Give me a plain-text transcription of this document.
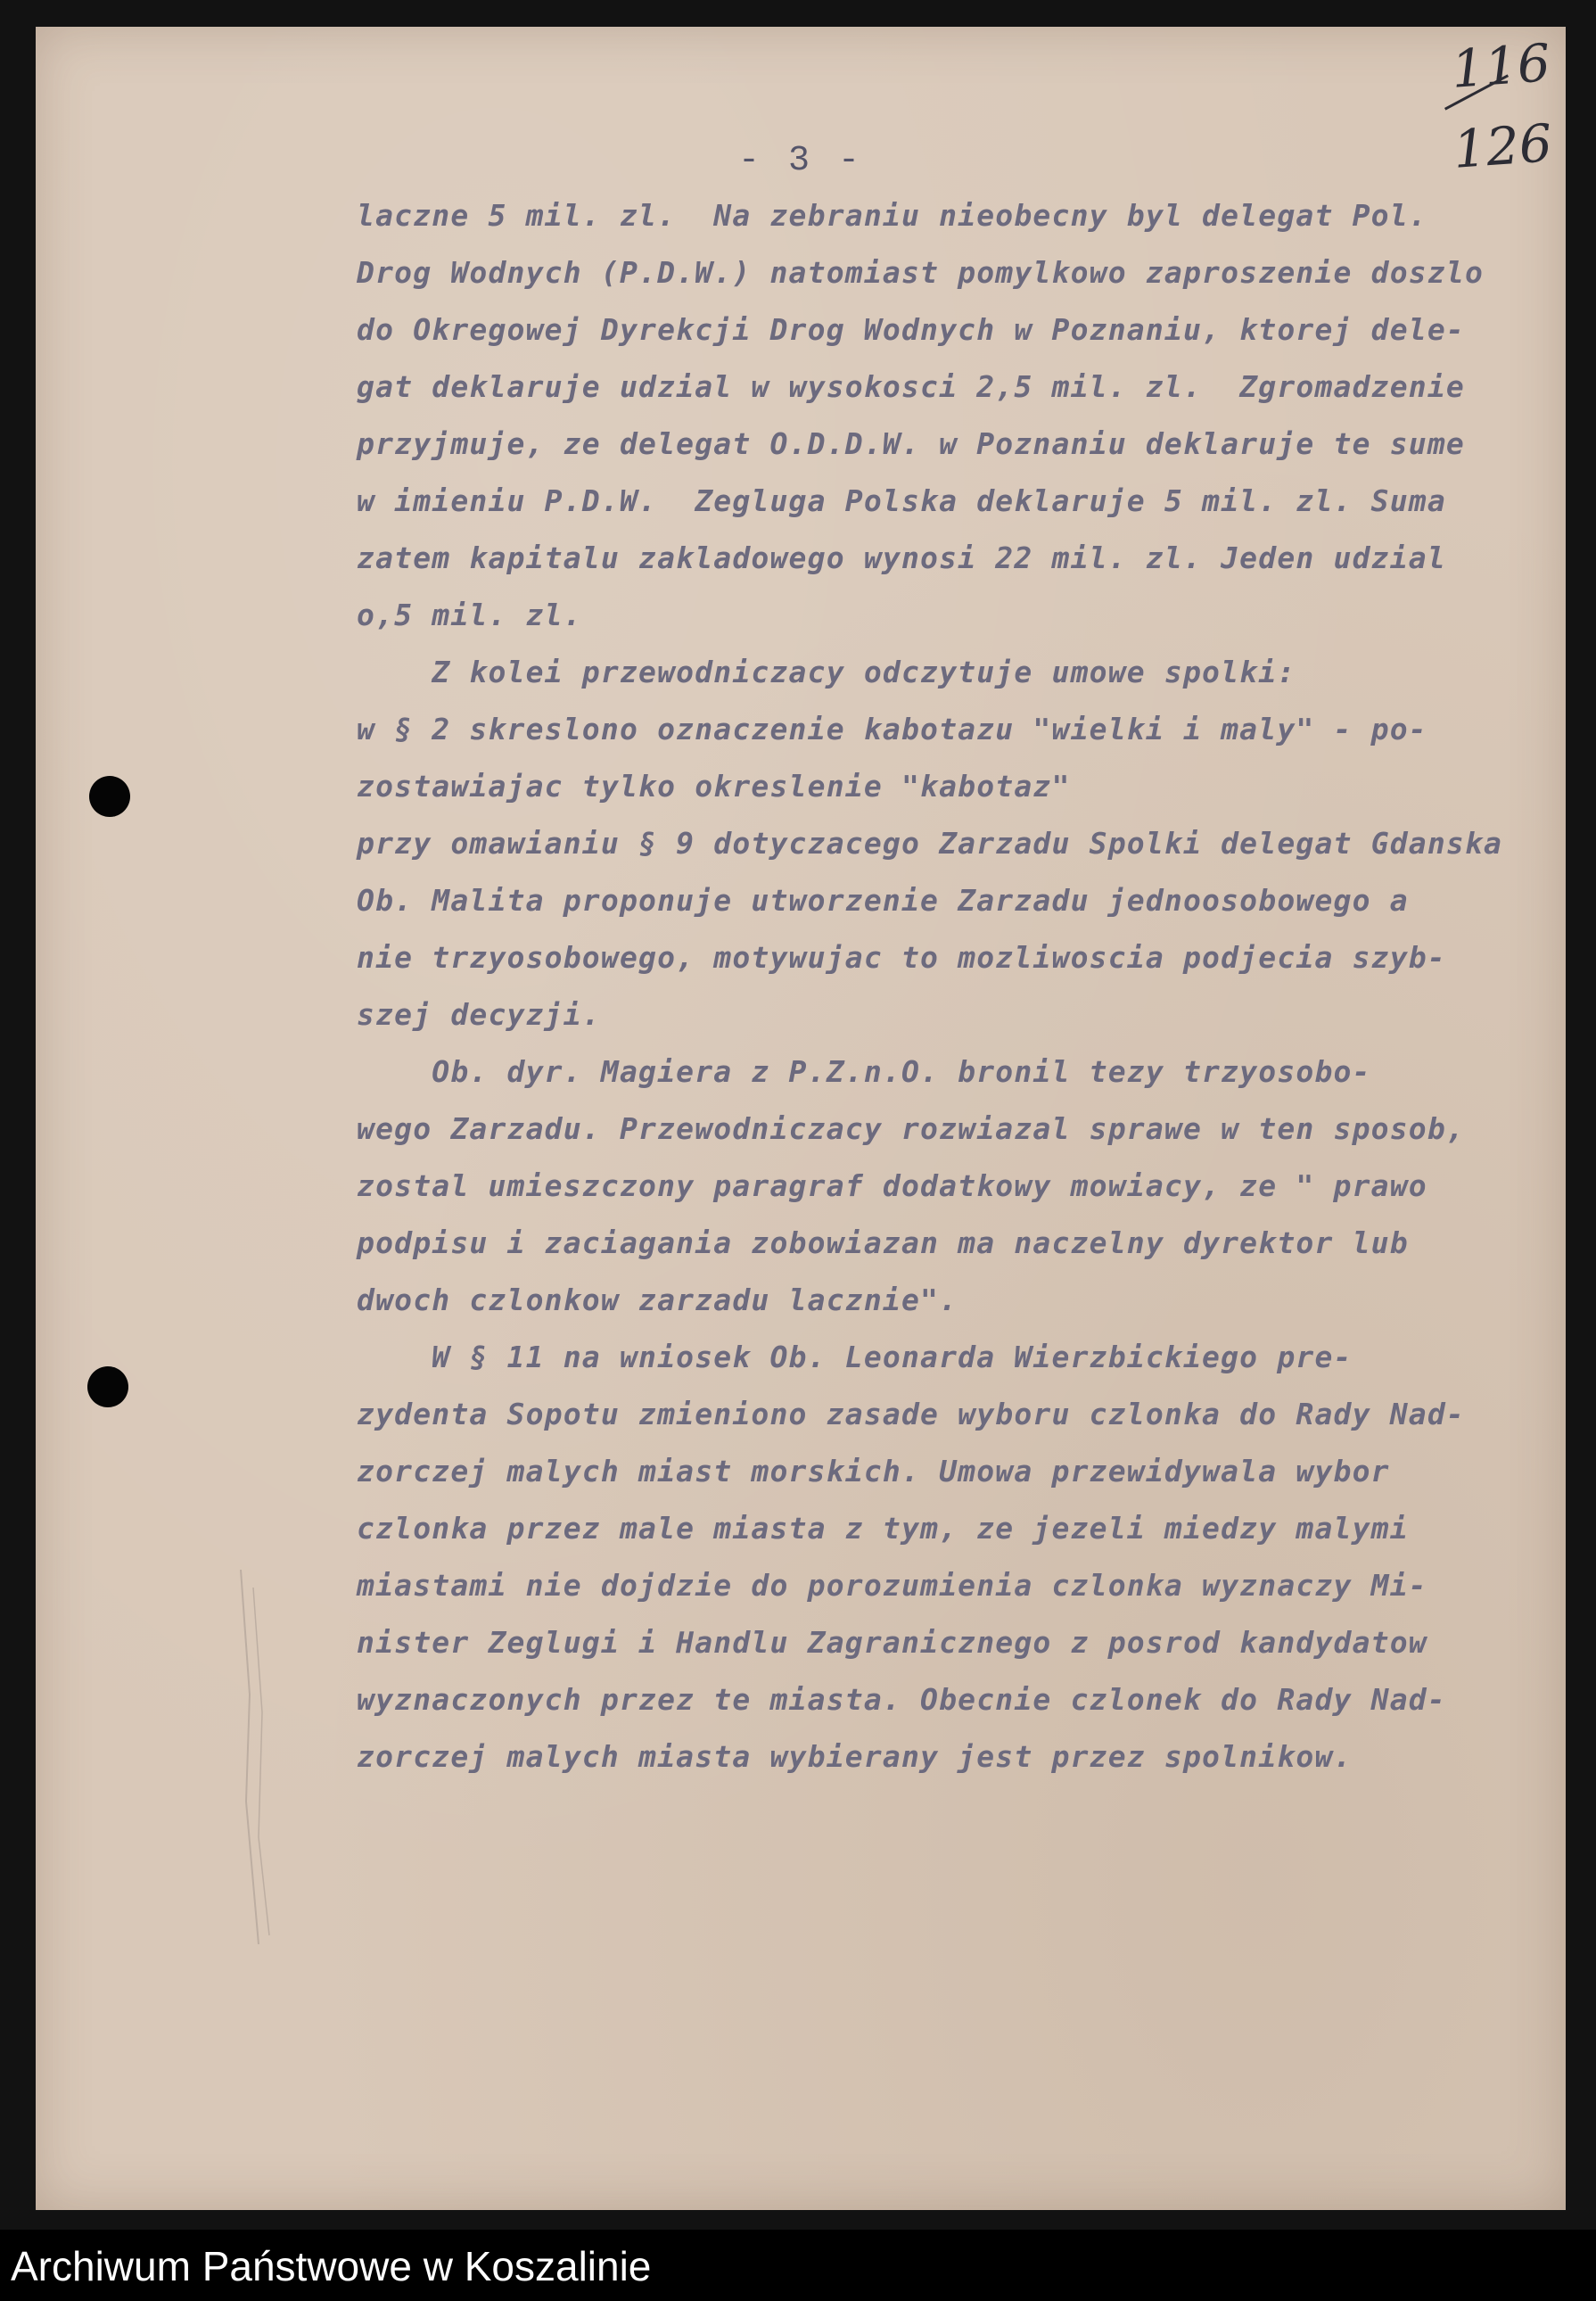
116
126
- 3 -
laczne 5 mil. zl.  Na zebraniu nieobecny byl delegat Pol.
Drog Wodnych (P.D.W.) natomiast pomylkowo zaproszenie doszlo
do Okregowej Dyrekcji Drog Wodnych w Poznaniu, ktorej dele-
gat deklaruje udzial w wysokosci 2,5 mil. zl.  Zgromadzenie
przyjmuje, ze delegat O.D.D.W. w Poznaniu deklaruje te sume
w imieniu P.D.W.  Zegluga Polska deklaruje 5 mil. zl. Suma
zatem kapitalu zakladowego wynosi 22 mil. zl. Jeden udzial
o,5 mil. zl.
Z kolei przewodniczacy odczytuje umowe spolki:
w § 2 skreslono oznaczenie kabotazu "wielki i maly" - po-
zostawiajac tylko okreslenie "kabotaz"
przy omawianiu § 9 dotyczacego Zarzadu Spolki delegat Gdanska
Ob. Malita proponuje utworzenie Zarzadu jednoosobowego a
nie trzyosobowego, motywujac to mozliwoscia podjecia szyb-
szej decyzji.
Ob. dyr. Magiera z P.Z.n.O. bronil tezy trzyosobo-
wego Zarzadu. Przewodniczacy rozwiazal sprawe w ten sposob,
zostal umieszczony paragraf dodatkowy mowiacy, ze " prawo
podpisu i zaciagania zobowiazan ma naczelny dyrektor lub
dwoch czlonkow zarzadu lacznie".
W § 11 na wniosek Ob. Leonarda Wierzbickiego pre-
zydenta Sopotu zmieniono zasade wyboru czlonka do Rady Nad-
zorczej malych miast morskich. Umowa przewidywala wybor
czlonka przez male miasta z tym, ze jezeli miedzy malymi
miastami nie dojdzie do porozumienia czlonka wyznaczy Mi-
nister Zeglugi i Handlu Zagranicznego z posrod kandydatow
wyznaczonych przez te miasta. Obecnie czlonek do Rady Nad-
zorczej malych miasta wybierany jest przez spolnikow.
Archiwum Państwowe w Koszalinie
